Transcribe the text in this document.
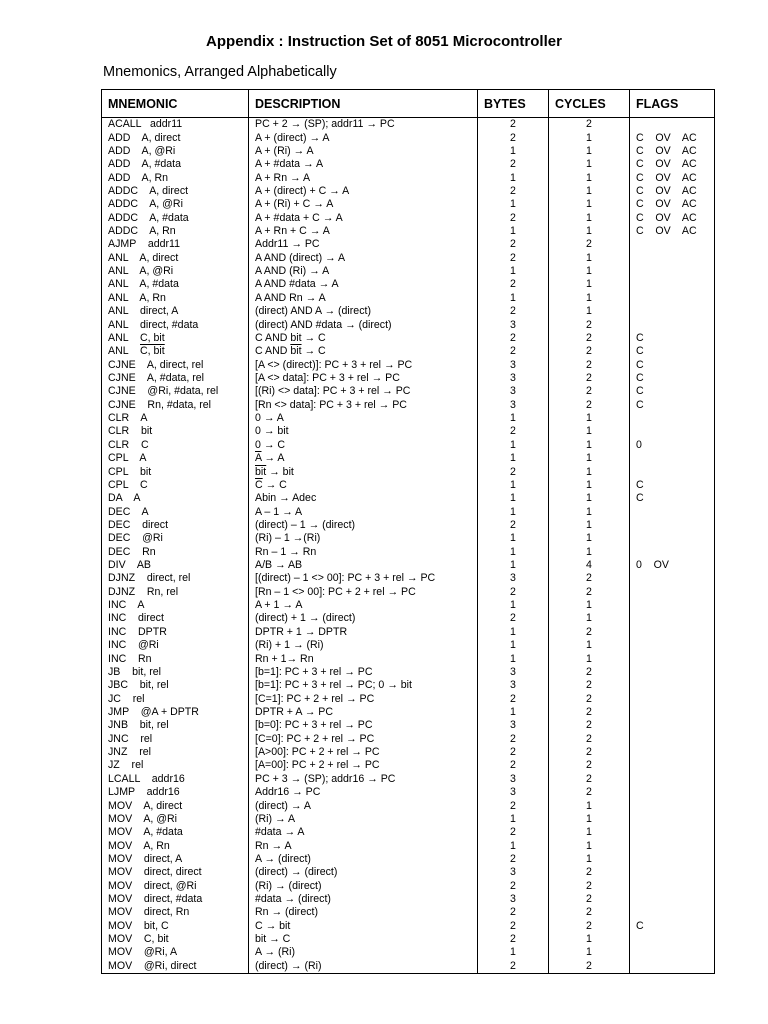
Appendix : Instruction Set of 8051 Microcontroller
Mnemonics, Arranged Alphabetically
MNEMONIC	DESCRIPTION	BYTES	CYCLES	FLAGS
ACALL   addr11	PC + 2 → (SP); addr11 → PC	2	2	
ADD    A, direct	A + (direct) → A	2	1	C    OV    AC
ADD    A, @Ri	A + (Ri) → A	1	1	C    OV    AC
ADD    A, #data	A + #data → A	2	1	C    OV    AC
ADD    A, Rn	A + Rn → A	1	1	C    OV    AC
ADDC    A, direct	A + (direct) + C → A	2	1	C    OV    AC
ADDC    A, @Ri	A + (Ri) + C → A	1	1	C    OV    AC
ADDC    A, #data	A + #data + C → A	2	1	C    OV    AC
ADDC    A, Rn	A + Rn + C → A	1	1	C    OV    AC
AJMP    addr11	Addr11 → PC	2	2	
ANL    A, direct	A AND (direct) → A	2	1	
ANL    A, @Ri	A AND (Ri) → A	1	1	
ANL    A, #data	A AND #data → A	2	1	
ANL    A, Rn	A AND Rn → A	1	1	
ANL    direct, A	(direct) AND A → (direct)	2	1	
ANL    direct, #data	(direct) AND #data → (direct)	3	2	
ANL    C, bit	C AND bit → C	2	2	C
ANL    C, bit	C AND $\overline{bit} \to C$	2	2	C
CJNE    A, direct, rel	[A <> (direct)]: PC + 3 + rel → PC	3	2	C
CJNE    A, #data, rel	[A <> data]: PC + 3 + rel → PC	3	2	C
CJNE    @Ri, #data, rel	[(Ri) <> data]: PC + 3 + rel → PC	3	2	C
CJNE    Rn, #data, rel	[Rn <> data]: PC + 3 + rel → PC	3	2	C
CLR    A	0 → A	1	1	
CLR    bit	0 → bit	2	1	
CLR    C	0 → C	1	1	0
CPL    A	$\overline{A} \to A$	1	1	
CPL    bit	$\overline{bit}$ → bit	2	1	
CPL    C	$\overline{C} \to C$	1	1	C
DA    A	Abin → Adec	1	1	C
DEC    A	A – 1 → A	1	1	
DEC    direct	(direct) – 1 → (direct)	2	1	
DEC    @Ri	(Ri) – 1 →(Ri)	1	1	
DEC    Rn	Rn – 1 → Rn	1	1	
DIV    AB	A/B → AB	1	4	0    OV
DJNZ    direct, rel	[(direct) – 1 <> 00]: PC + 3 + rel → PC	3	2	
DJNZ    Rn, rel	[Rn – 1 <> 00]: PC + 2 + rel → PC	2	2	
INC    A	A + 1 → A	1	1	
INC    direct	(direct) + 1 → (direct)	2	1	
INC    DPTR	DPTR + 1 → DPTR	1	2	
INC    @Ri	(Ri) + 1 → (Ri)	1	1	
INC    Rn	Rn + 1→ Rn	1	1	
JB    bit, rel	[b=1]: PC + 3 + rel → PC	3	2	
JBC    bit, rel	[b=1]: PC + 3 + rel → PC; 0 → bit	3	2	
JC    rel	[C=1]: PC + 2 + rel → PC	2	2	
JMP    @A + DPTR	DPTR + A → PC	1	2	
JNB    bit, rel	[b=0]: PC + 3 + rel → PC	3	2	
JNC    rel	[C=0]: PC + 2 + rel → PC	2	2	
JNZ    rel	[A>00]: PC + 2 + rel → PC	2	2	
JZ    rel	[A=00]: PC + 2 + rel → PC	2	2	
LCALL    addr16	PC + 3 → (SP); addr16 → PC	3	2	
LJMP    addr16	Addr16 → PC	3	2	
MOV    A, direct	(direct) → A	2	1	
MOV    A, @Ri	(Ri) → A	1	1	
MOV    A, #data	#data → A	2	1	
MOV    A, Rn	Rn → A	1	1	
MOV    direct, A	A → (direct)	2	1	
MOV    direct, direct	(direct) → (direct)	3	2	
MOV    direct, @Ri	(Ri) → (direct)	2	2	
MOV    direct, #data	#data → (direct)	3	2	
MOV    direct, Rn	Rn → (direct)	2	2	
MOV    bit, C	C → bit	2	2	C
MOV    C, bit	bit → C	2	1	
MOV    @Ri, A	A → (Ri)	1	1	
MOV    @Ri, direct	(direct) → (Ri)	2	2	
